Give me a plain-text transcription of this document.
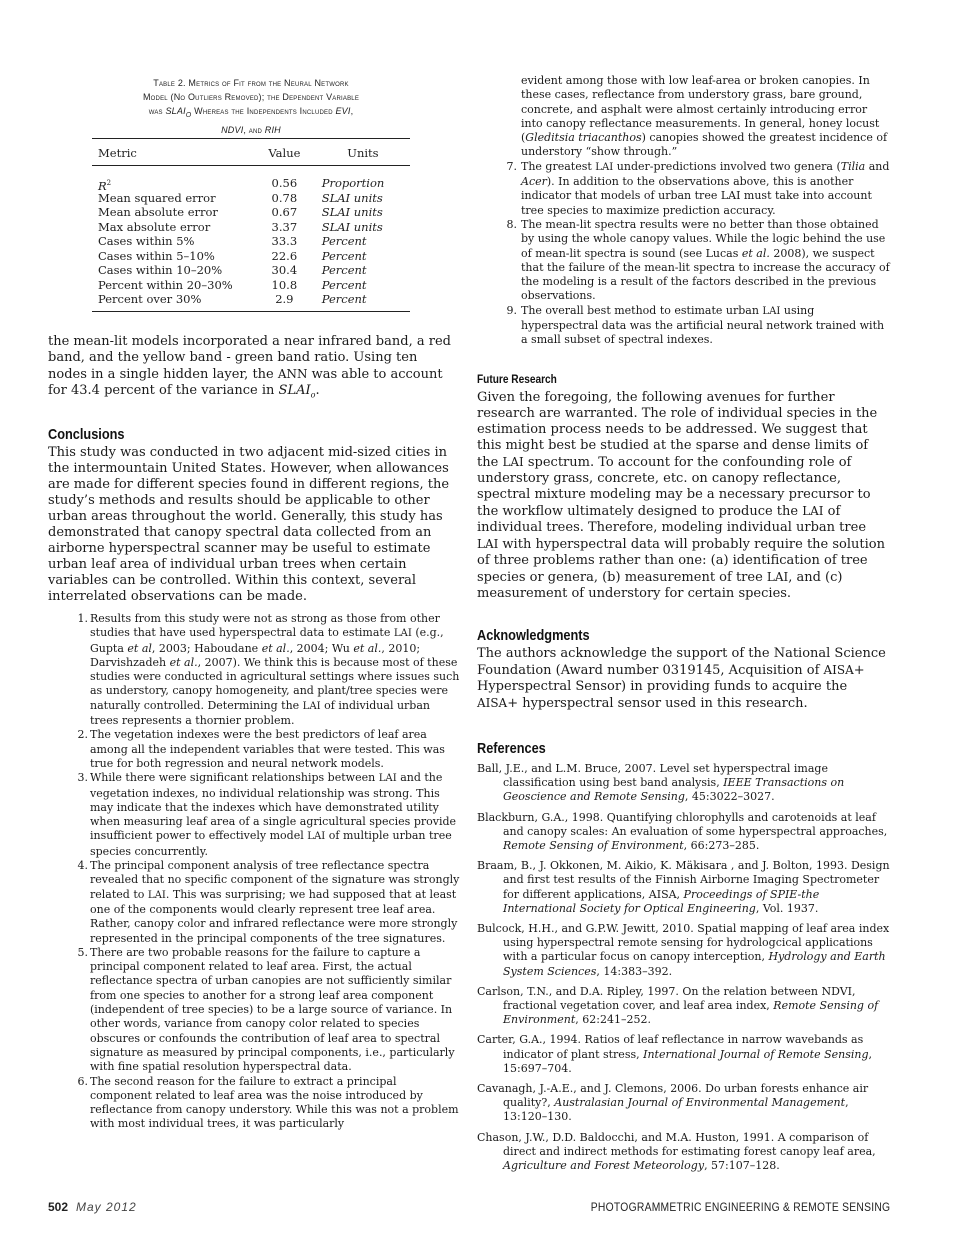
Table 2. Metrics of Fit from the Neural Network
Model (No Outliers Removed); the Dependent Variable
was $SLAI_O$ Whereas the Independents Included EVI,
NDVI, and RIH
Metric	Value	Units
$R^2$	0.56	Proportion
Mean squared error	0.78	SLAI units
Mean absolute error	0.67	SLAI units
Max absolute error	3.37	SLAI units
Cases within 5%	33.3	Percent
Cases within 5–10%	22.6	Percent
Cases within 10–20%	30.4	Percent
Percent within 20–30%	10.8	Percent
Percent over 30%	2.9	Percent

the mean-lit models incorporated a near infrared band, a red band, and the yellow band - green band ratio. Using ten nodes in a single hidden layer, the ANN was able to account for 43.4 percent of the variance in $SLAI_o$.

Conclusions

This study was conducted in two adjacent mid-sized cities in the intermountain United States. However, when allowances are made for different species found in different regions, the study’s methods and results should be applicable to other urban areas throughout the world. Generally, this study has demonstrated that canopy spectral data collected from an airborne hyperspectral scanner may be useful to estimate urban leaf area of individual urban trees when certain variables can be controlled. Within this context, several interrelated observations can be made.

1. Results from this study were not as strong as those from other studies that have used hyperspectral data to estimate LAI (e.g., Gupta et al, 2003; Haboudane et al., 2004; Wu et al., 2010; Darvishzadeh et al., 2007). We think this is because most of these studies were conducted in agricultural settings where issues such as understory, canopy homogeneity, and plant/tree species were naturally controlled. Determining the LAI of individual urban trees represents a thornier problem.
2. The vegetation indexes were the best predictors of leaf area among all the independent variables that were tested. This was true for both regression and neural network models.
3. While there were significant relationships between LAI and the vegetation indexes, no individual relationship was strong. This may indicate that the indexes which have demonstrated utility when measuring leaf area of a single agricultural species provide insufficient power to effectively model LAI of multiple urban tree species concurrently.
4. The principal component analysis of tree reflectance spectra revealed that no specific component of the signature was strongly related to LAI. This was surprising; we had supposed that at least one of the components would clearly represent tree leaf area. Rather, canopy color and infrared reflectance were more strongly represented in the principal components of the tree signatures.
5. There are two probable reasons for the failure to capture a principal component related to leaf area. First, the actual reflectance spectra of urban canopies are not sufficiently similar from one species to another for a strong leaf area component (independent of tree species) to be a large source of variance. In other words, variance from canopy color related to species obscures or confounds the contribution of leaf area to spectral signature as measured by principal components, i.e., particularly with fine spatial resolution hyperspectral data.
6. The second reason for the failure to extract a principal component related to leaf area was the noise introduced by reflectance from canopy understory. While this was not a problem with most individual trees, it was particularly
evident among those with low leaf-area or broken canopies. In these cases, reflectance from understory grass, bare ground, concrete, and asphalt were almost certainly introducing error into canopy reflectance measurements. In general, honey locust (Gleditsia triacanthos) canopies showed the greatest incidence of understory “show through.”
7. The greatest LAI under-predictions involved two genera (Tilia and Acer). In addition to the observations above, this is another indicator that models of urban tree LAI must take into account tree species to maximize prediction accuracy.
8. The mean-lit spectra results were no better than those obtained by using the whole canopy values. While the logic behind the use of mean-lit spectra is sound (see Lucas et al. 2008), we suspect that the failure of the mean-lit spectra to increase the accuracy of the modeling is a result of the factors described in the previous observations.
9. The overall best method to estimate urban LAI using hyperspectral data was the artificial neural network trained with a small subset of spectral indexes.
Future Research

Given the foregoing, the following avenues for further research are warranted. The role of individual species in the estimation process needs to be addressed. We suggest that this might best be studied at the sparse and dense limits of the LAI spectrum. To account for the confounding role of understory grass, concrete, etc. on canopy reflectance, spectral mixture modeling may be a necessary precursor to the workflow ultimately designed to produce the LAI of individual trees. Therefore, modeling individual urban tree LAI with hyperspectral data will probably require the solution of three problems rather than one: (a) identification of tree species or genera, (b) measurement of tree LAI, and (c) measurement of understory for certain species.

Acknowledgments

The authors acknowledge the support of the National Science Foundation (Award number 0319145, Acquisition of AISA+ Hyperspectral Sensor) in providing funds to acquire the AISA+ hyperspectral sensor used in this research.

References

Ball, J.E., and L.M. Bruce, 2007. Level set hyperspectral image classification using best band analysis, IEEE Transactions on Geoscience and Remote Sensing, 45:3022–3027.

Blackburn, G.A., 1998. Quantifying chlorophylls and carotenoids at leaf and canopy scales: An evaluation of some hyperspectral approaches, Remote Sensing of Environment, 66:273–285.

Braam, B., J. Okkonen, M. Aikio, K. Mäkisara , and J. Bolton, 1993. Design and first test results of the Finnish Airborne Imaging Spectrometer for different applications, AISA, Proceedings of SPIE-the International Society for Optical Engineering, Vol. 1937.

Bulcock, H.H., and G.P.W. Jewitt, 2010. Spatial mapping of leaf area index using hyperspectral remote sensing for hydrologcical applications with a particular focus on canopy interception, Hydrology and Earth System Sciences, 14:383–392.

Carlson, T.N., and D.A. Ripley, 1997. On the relation between NDVI, fractional vegetation cover, and leaf area index, Remote Sensing of Environment, 62:241–252.

Carter, G.A., 1994. Ratios of leaf reflectance in narrow wavebands as indicator of plant stress, International Journal of Remote Sensing, 15:697–704.

Cavanagh, J.-A.E., and J. Clemons, 2006. Do urban forests enhance air quality?, Australasian Journal of Environmental Management, 13:120–130.

Chason, J.W., D.D. Baldocchi, and M.A. Huston, 1991. A comparison of direct and indirect methods for estimating forest canopy leaf area, Agriculture and Forest Meteorology, 57:107–128.

502 May 2012	PHOTOGRAMMETRIC ENGINEERING & REMOTE SENSING
